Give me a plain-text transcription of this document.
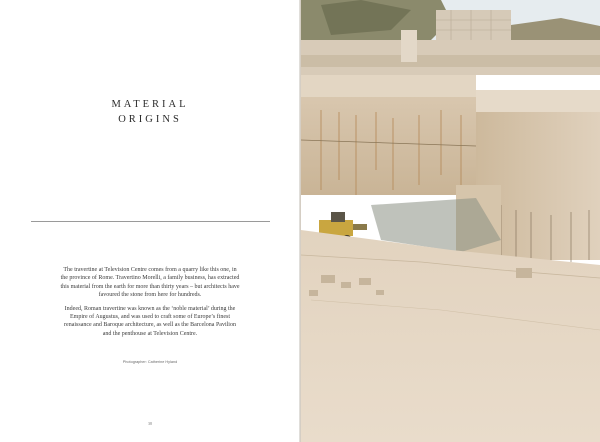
MATERIAL
ORIGINS

The travertine at Television Centre comes from a quarry like this one, in the province of Rome. Travertino Morelli, a family business, has extracted this material from the earth for more than thirty years – but architects have favoured the stone from here for hundreds.

Indeed, Roman travertine was known as the ‘noble material’ during the Empire of Augustus, and was used to craft some of Europe’s finest renaissance and Baroque architecture, as well as the Barcelona Pavilion and the penthouse at Television Centre.

Photographer: Catherine Hyland
38
